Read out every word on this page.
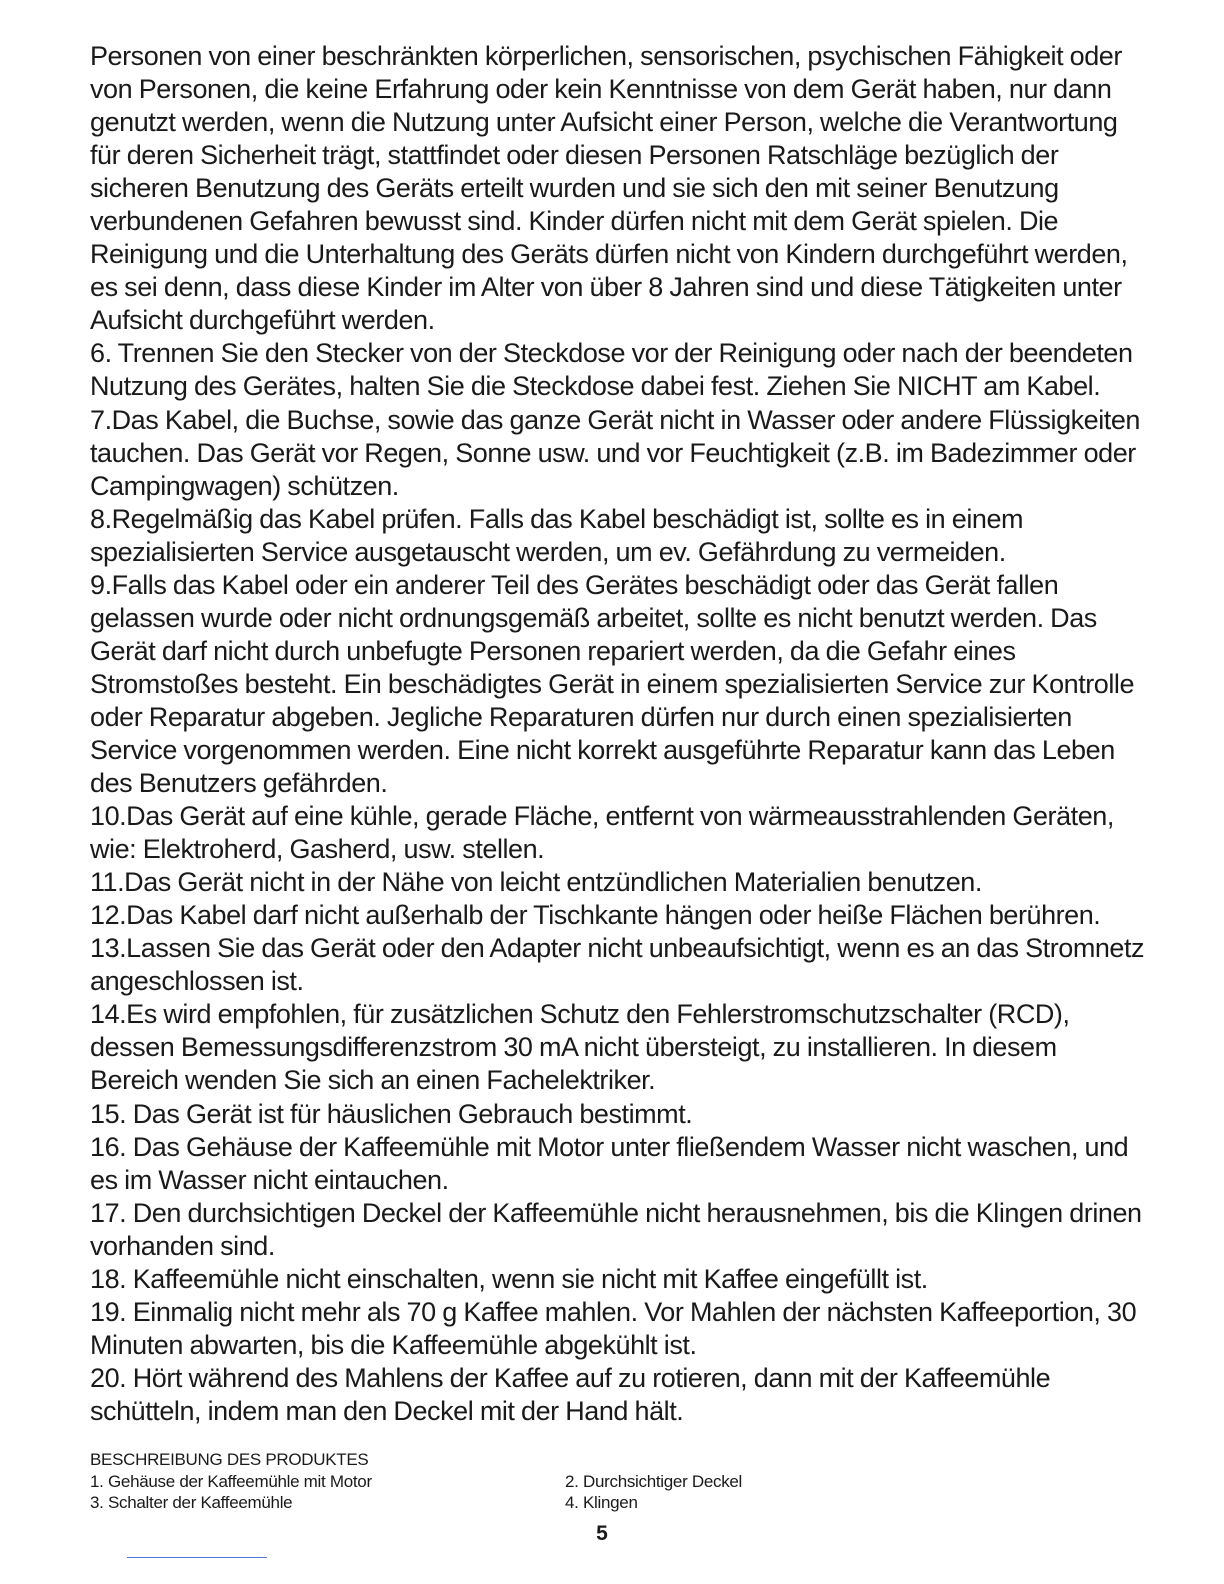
Personen von einer beschränkten körperlichen, sensorischen, psychischen Fähigkeit oder
von Personen, die keine Erfahrung oder kein Kenntnisse von dem Gerät haben, nur dann
genutzt werden, wenn die Nutzung unter Aufsicht einer Person, welche die Verantwortung
für deren Sicherheit trägt, stattfindet oder diesen Personen Ratschläge bezüglich der
sicheren Benutzung des Geräts erteilt wurden und sie sich den mit seiner Benutzung
verbundenen Gefahren bewusst sind. Kinder dürfen nicht mit dem Gerät spielen. Die
Reinigung und die Unterhaltung des Geräts dürfen nicht von Kindern durchgeführt werden,
es sei denn, dass diese Kinder im Alter von über 8 Jahren sind und diese Tätigkeiten unter
Aufsicht durchgeführt werden.
6. Trennen Sie den Stecker von der Steckdose vor der Reinigung oder nach der beendeten
Nutzung des Gerätes, halten Sie die Steckdose dabei fest. Ziehen Sie NICHT am Kabel.
7.Das Kabel, die Buchse, sowie das ganze Gerät nicht in Wasser oder andere Flüssigkeiten
tauchen. Das Gerät vor Regen, Sonne usw. und vor Feuchtigkeit (z.B. im Badezimmer oder
Campingwagen) schützen.
8.Regelmäßig das Kabel prüfen. Falls das Kabel beschädigt ist, sollte es in einem
spezialisierten Service ausgetauscht werden, um ev. Gefährdung zu vermeiden.
9.Falls das Kabel oder ein anderer Teil des Gerätes beschädigt oder das Gerät fallen
gelassen wurde oder nicht ordnungsgemäß arbeitet, sollte es nicht benutzt werden. Das
Gerät darf nicht durch unbefugte Personen repariert werden, da die Gefahr eines
Stromstoßes besteht. Ein beschädigtes Gerät in einem spezialisierten Service zur Kontrolle
oder Reparatur abgeben. Jegliche Reparaturen dürfen nur durch einen spezialisierten
Service vorgenommen werden. Eine nicht korrekt ausgeführte Reparatur kann das Leben
des Benutzers gefährden.
10.Das Gerät auf eine kühle, gerade Fläche, entfernt von wärmeausstrahlenden Geräten,
wie: Elektroherd, Gasherd, usw. stellen.
11.Das Gerät nicht in der Nähe von leicht entzündlichen Materialien benutzen.
12.Das Kabel darf nicht außerhalb der Tischkante hängen oder heiße Flächen berühren.
13.Lassen Sie das Gerät oder den Adapter nicht unbeaufsichtigt, wenn es an das Stromnetz
angeschlossen ist.
14.Es wird empfohlen, für zusätzlichen Schutz den Fehlerstromschutzschalter (RCD),
dessen Bemessungsdifferenzstrom 30 mA nicht übersteigt, zu installieren. In diesem
Bereich wenden Sie sich an einen Fachelektriker.
15. Das Gerät ist für häuslichen Gebrauch bestimmt.
16. Das Gehäuse der Kaffeemühle mit Motor unter fließendem Wasser nicht waschen, und
es im Wasser nicht eintauchen.
17. Den durchsichtigen Deckel der Kaffeemühle nicht herausnehmen, bis die Klingen drinen
vorhanden sind.
18. Kaffeemühle nicht einschalten, wenn sie nicht mit Kaffee eingefüllt ist.
19. Einmalig nicht mehr als 70 g Kaffee mahlen. Vor Mahlen der nächsten Kaffeeportion, 30
Minuten abwarten, bis die Kaffeemühle abgekühlt ist.
20. Hört während des Mahlens der Kaffee auf zu rotieren, dann mit der Kaffeemühle
schütteln, indem man den Deckel mit der Hand hält.
BESCHREIBUNG DES PRODUKTES
1. Gehäuse der Kaffeemühle mit Motor	2. Durchsichtiger Deckel
3. Schalter der Kaffeemühle	4. Klingen
5
